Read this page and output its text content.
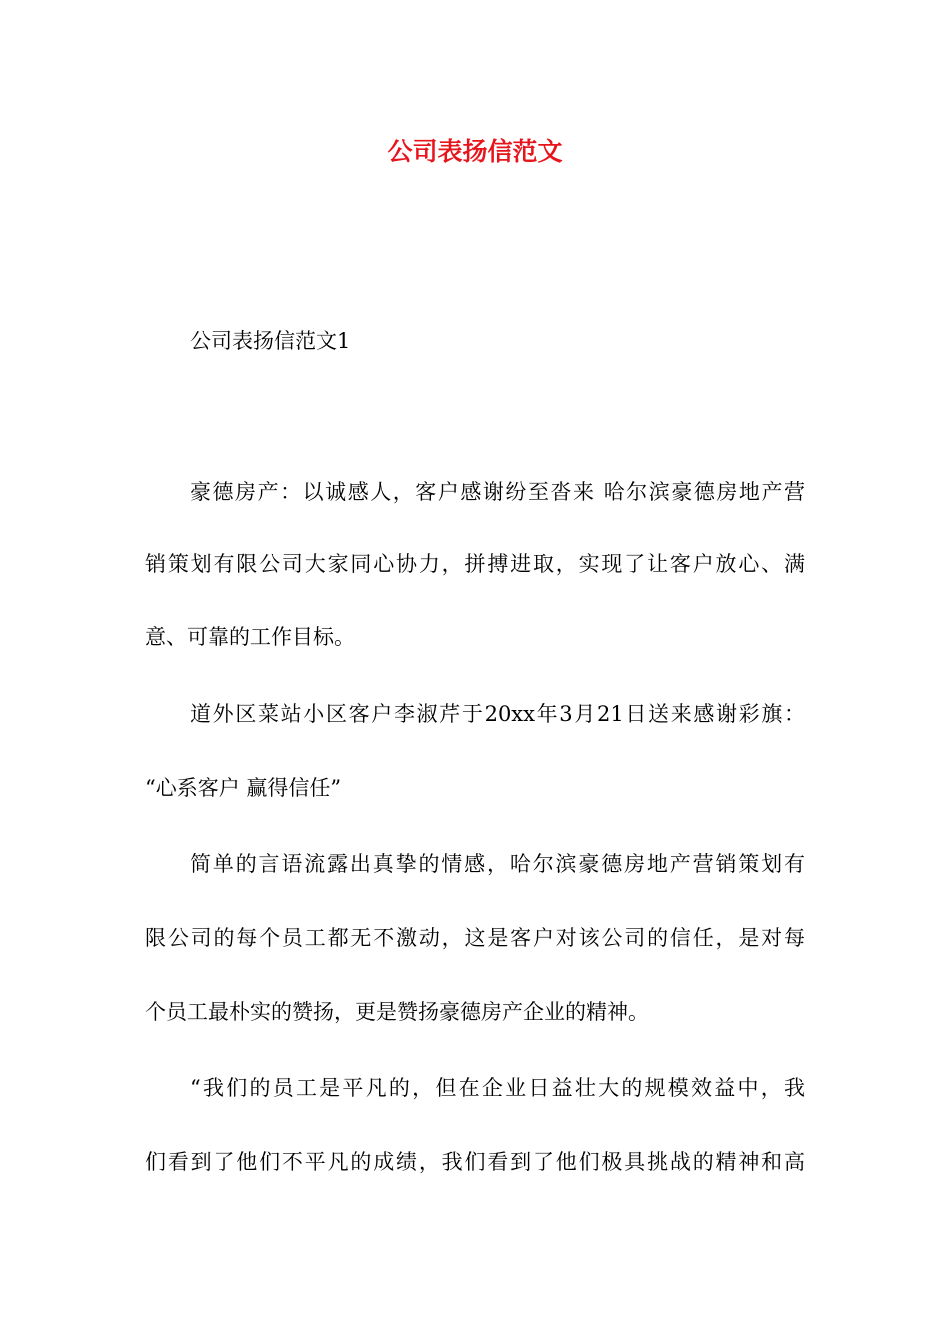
公司表扬信范文
公司表扬信范文1
豪德房产：以诚感人，客户感谢纷至沓来 哈尔滨豪德房地产营
销策划有限公司大家同心协力，拼搏进取，实现了让客户放心、满
意、可靠的工作目标。
道外区菜站小区客户李淑芹于20xx年3月21日送来感谢彩旗：
“心系客户 赢得信任”
简单的言语流露出真挚的情感，哈尔滨豪德房地产营销策划有
限公司的每个员工都无不激动，这是客户对该公司的信任，是对每
个员工最朴实的赞扬，更是赞扬豪德房产企业的精神。
“我们的员工是平凡的，但在企业日益壮大的规模效益中，我
们看到了他们不平凡的成绩，我们看到了他们极具挑战的精神和高
